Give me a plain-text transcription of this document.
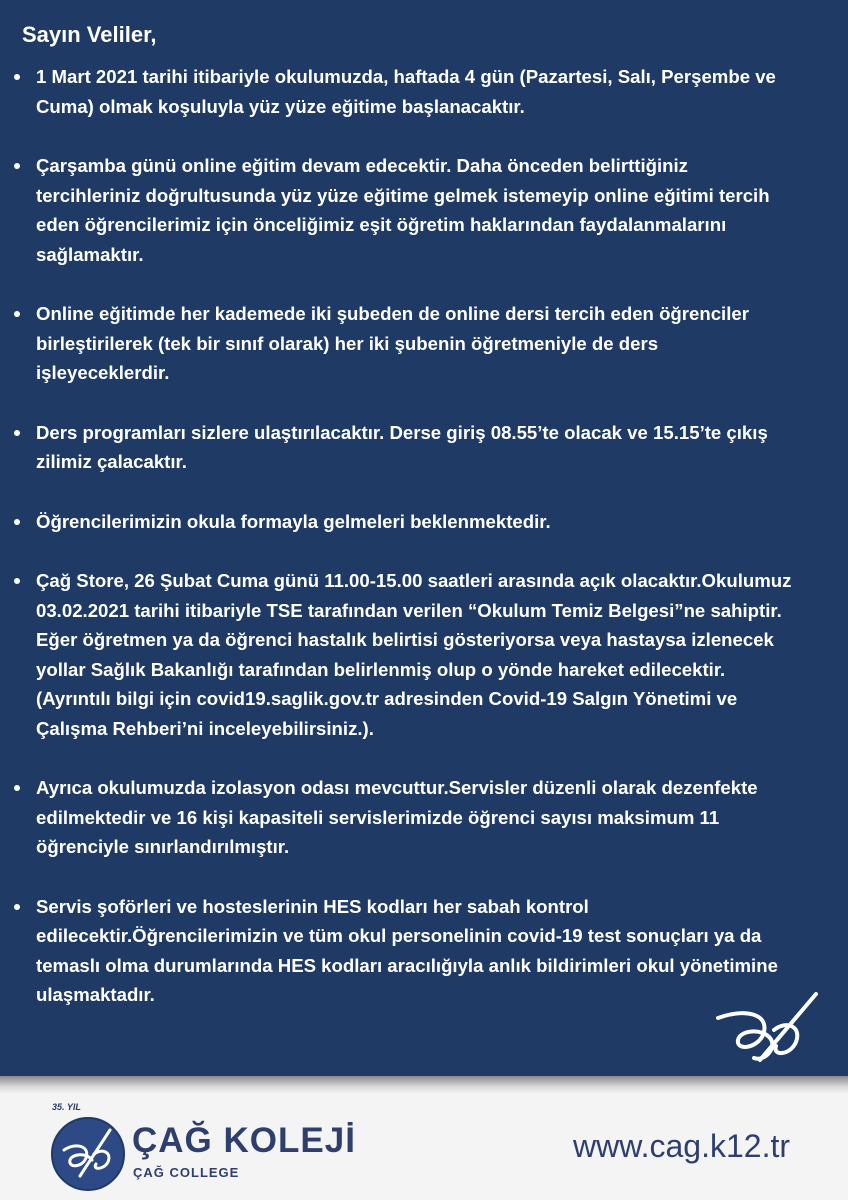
Sayın Veliler,
1 Mart 2021 tarihi itibariyle okulumuzda, haftada 4 gün (Pazartesi, Salı, Perşembe ve Cuma) olmak koşuluyla yüz yüze eğitime başlanacaktır.
Çarşamba günü online eğitim devam edecektir. Daha önceden belirttiğiniz tercihleriniz doğrultusunda yüz yüze eğitime gelmek istemeyip online eğitimi tercih eden öğrencilerimiz için önceliğimiz eşit öğretim haklarından faydalanmalarını sağlamaktır.
Online eğitimde her kademede iki şubeden de online dersi tercih eden öğrenciler birleştirilerek (tek bir sınıf olarak) her iki şubenin öğretmeniyle de ders işleyeceklerdir.
Ders programları sizlere ulaştırılacaktır. Derse giriş 08.55’te olacak ve 15.15’te çıkış zilimiz çalacaktır.
Öğrencilerimizin okula formayla gelmeleri beklenmektedir.
Çağ Store, 26 Şubat Cuma günü 11.00-15.00 saatleri arasında açık olacaktır.Okulumuz 03.02.2021 tarihi itibariyle TSE tarafından verilen “Okulum Temiz Belgesi”ne sahiptir. Eğer öğretmen ya da öğrenci hastalık belirtisi gösteriyorsa veya hastaysa izlenecek yollar Sağlık Bakanlığı tarafından belirlenmiş olup o yönde hareket edilecektir. (Ayrıntılı bilgi için covid19.saglik.gov.tr adresinden Covid-19 Salgın Yönetimi ve Çalışma Rehberi’ni inceleyebilirsiniz.).
Ayrıca okulumuzda izolasyon odası mevcuttur.Servisler düzenli olarak dezenfekte edilmektedir ve 16 kişi kapasiteli servislerimizde öğrenci sayısı maksimum 11 öğrenciyle sınırlandırılmıştır.
Servis şoförleri ve hosteslerinin HES kodları her sabah kontrol edilecektir.Öğrencilerimizin ve tüm okul personelinin covid-19 test sonuçları ya da temaslı olma durumlarında HES kodları aracılığıyla anlık bildirimleri okul yönetimine ulaşmaktadır.
35. YIL
ÇAĞ KOLEJİ
ÇAĞ COLLEGE
www.cag.k12.tr
